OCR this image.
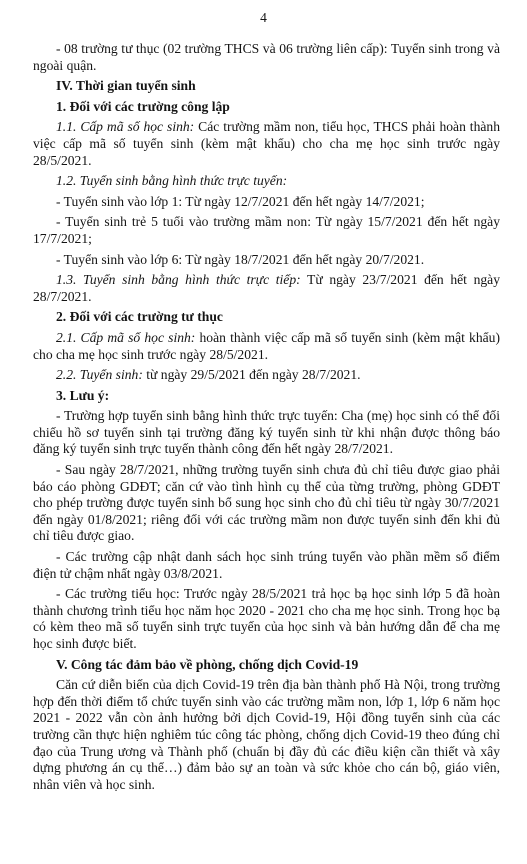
4

- 08 trường tư thục (02 trường THCS và 06 trường liên cấp): Tuyển sinh trong và ngoài quận.

IV. Thời gian tuyển sinh
1. Đối với các trường công lập

1.1. Cấp mã số học sinh: Các trường mầm non, tiểu học, THCS phải hoàn thành việc cấp mã số tuyển sinh (kèm mật khẩu) cho cha mẹ học sinh trước ngày 28/5/2021.

1.2. Tuyển sinh bằng hình thức trực tuyến:

- Tuyển sinh vào lớp 1: Từ ngày 12/7/2021 đến hết ngày 14/7/2021;

- Tuyển sinh trẻ 5 tuổi vào trường mầm non: Từ ngày 15/7/2021 đến hết ngày 17/7/2021;

- Tuyển sinh vào lớp 6: Từ ngày 18/7/2021 đến hết ngày 20/7/2021.

1.3. Tuyển sinh bằng hình thức trực tiếp: Từ ngày 23/7/2021 đến hết ngày 28/7/2021.

2. Đối với các trường tư thục

2.1. Cấp mã số học sinh: hoàn thành việc cấp mã số tuyển sinh (kèm mật khẩu) cho cha mẹ học sinh trước ngày 28/5/2021.

2.2. Tuyển sinh: từ ngày 29/5/2021 đến ngày 28/7/2021.

3. Lưu ý:

- Trường hợp tuyển sinh bằng hình thức trực tuyến: Cha (mẹ) học sinh có thể đối chiếu hồ sơ tuyển sinh tại trường đăng ký tuyển sinh từ khi nhận được thông báo đăng ký tuyển sinh trực tuyến thành công đến hết ngày 28/7/2021.

- Sau ngày 28/7/2021, những trường tuyển sinh chưa đủ chỉ tiêu được giao phải báo cáo phòng GDĐT; căn cứ vào tình hình cụ thể của từng trường, phòng GDĐT cho phép trường được tuyển sinh bổ sung học sinh cho đủ chỉ tiêu từ ngày 30/7/2021 đến ngày 01/8/2021; riêng đối với các trường mầm non được tuyển sinh đến khi đủ chỉ tiêu được giao.

- Các trường cập nhật danh sách học sinh trúng tuyển vào phần mềm sổ điểm điện tử chậm nhất ngày 03/8/2021.

- Các trường tiểu học: Trước ngày 28/5/2021 trả học bạ học sinh lớp 5 đã hoàn thành chương trình tiểu học năm học 2020 - 2021 cho cha mẹ học sinh. Trong học bạ có kèm theo mã số tuyển sinh trực tuyến của học sinh và bản hướng dẫn để cha mẹ học sinh được biết.

V. Công tác đảm bảo về phòng, chống dịch Covid-19

Căn cứ diễn biến của dịch Covid-19 trên địa bàn thành phố Hà Nội, trong trường hợp đến thời điểm tổ chức tuyển sinh vào các trường mầm non, lớp 1, lớp 6 năm học 2021 - 2022 vẫn còn ảnh hưởng bởi dịch Covid-19, Hội đồng tuyển sinh của các trường cần thực hiện nghiêm túc công tác phòng, chống dịch Covid-19 theo đúng chỉ đạo của Trung ương và Thành phố (chuẩn bị đầy đủ các điều kiện cần thiết và xây dựng phương án cụ thể…) đảm bảo sự an toàn và sức khỏe cho cán bộ, giáo viên, nhân viên và học sinh.
